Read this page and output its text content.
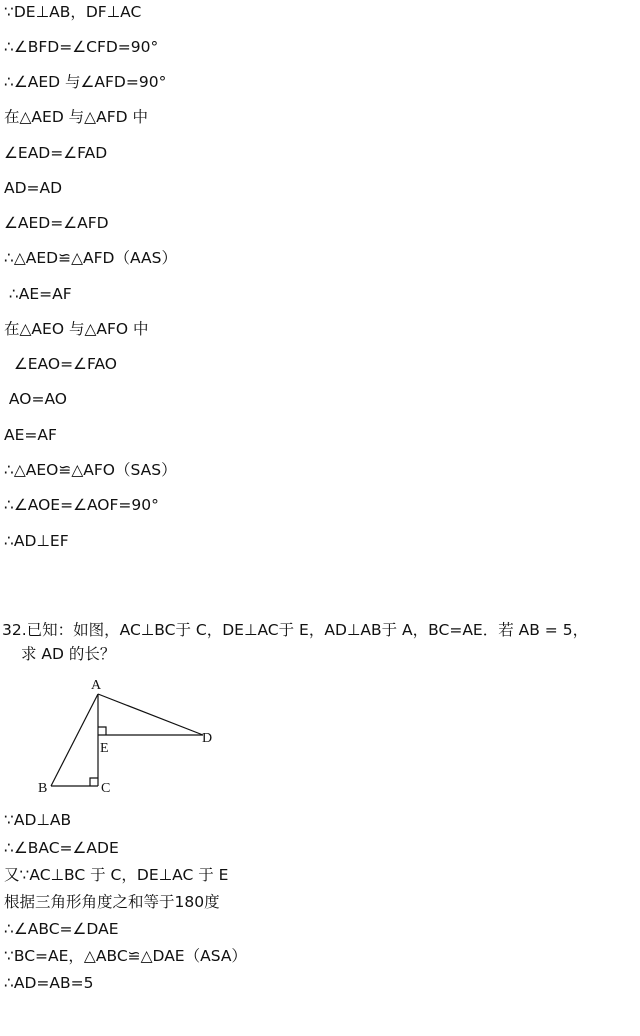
∵DE⊥AB，DF⊥AC

∴∠BFD=∠CFD=90°

∴∠AED 与∠AFD=90°

在△AED 与△AFD 中

∠EAD=∠FAD

AD=AD

∠AED=∠AFD

∴△AED≌△AFD（AAS）

∴AE=AF

在△AEO 与△AFO 中

∠EAO=∠FAO

AO=AO

AE=AF

∴△AEO≌△AFO（SAS）

∴∠AOE=∠AOF=90°

∴AD⊥EF

32.已知：如图，AC⊥BC于 C，DE⊥AC于 E，AD⊥AB于 A，BC=AE．若 AB = 5，

求 AD 的长？

A
B	C
D
E

∵AD⊥AB

∴∠BAC=∠ADE

又∵AC⊥BC 于 C，DE⊥AC 于 E

根据三角形角度之和等于180度

∴∠ABC=∠DAE

∵BC=AE，△ABC≌△DAE（ASA）

∴AD=AB=5
